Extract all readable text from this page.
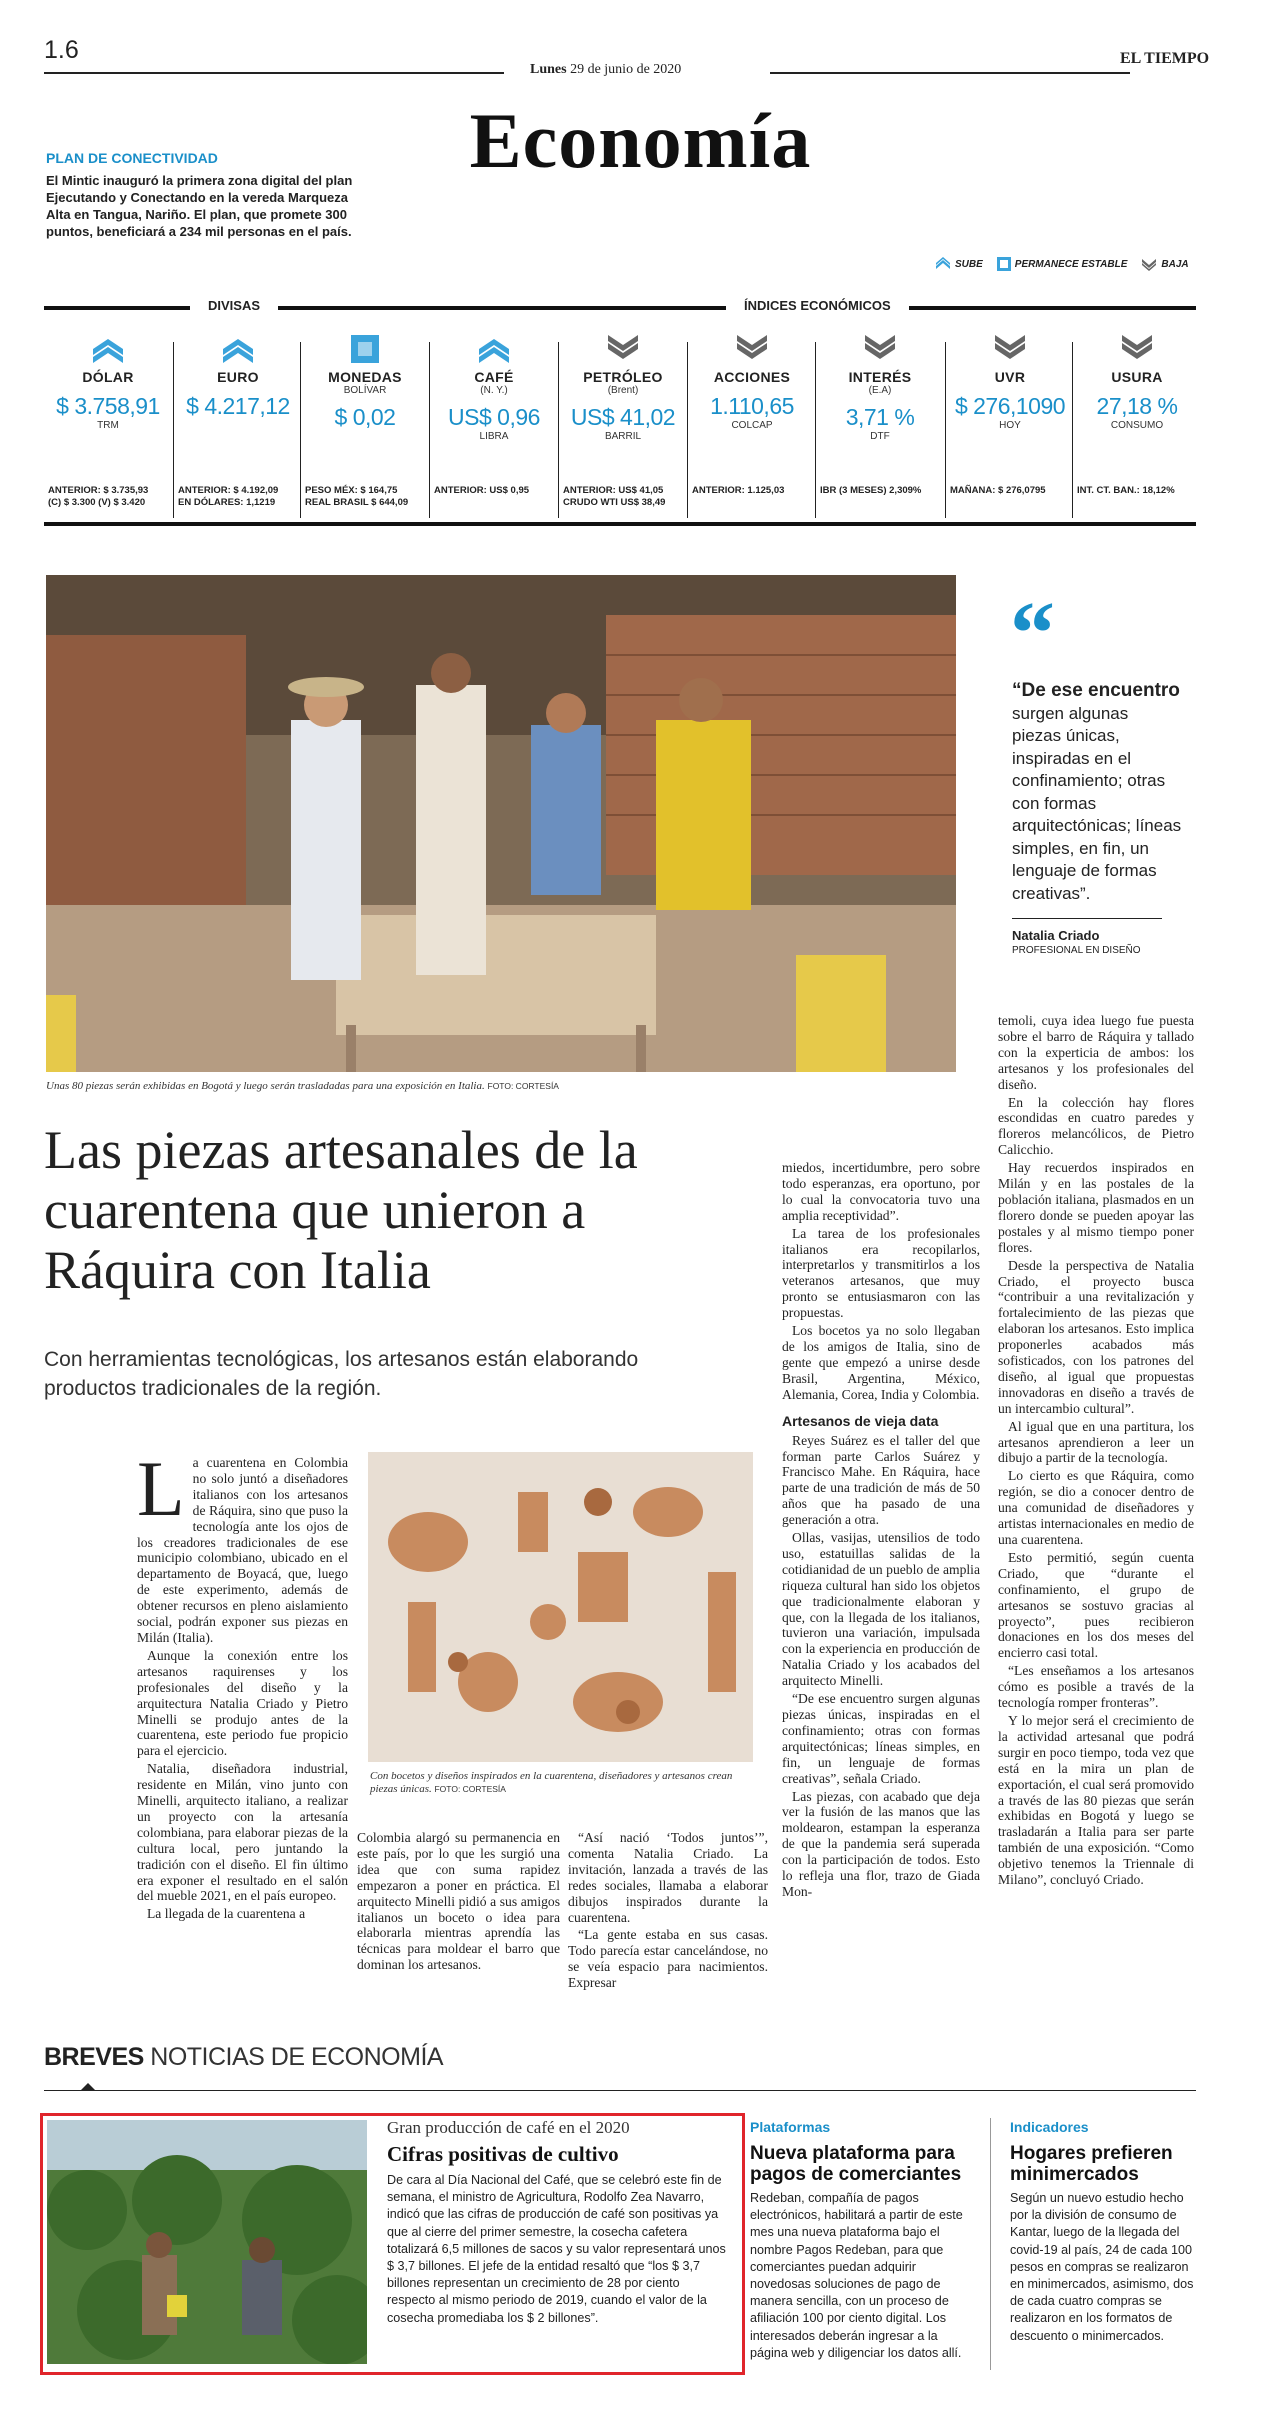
1.6
Lunes 29 de junio de 2020
EL TIEMPO
Economía
PLAN DE CONECTIVIDAD
El Mintic inauguró la primera zona digital del plan Ejecutando y Conectando en la vereda Marqueza Alta en Tangua, Nariño. El plan, que promete 300 puntos, beneficiará a 234 mil personas en el país.
SUBE	PERMANECE ESTABLE	BAJA
DIVISAS	ÍNDICES ECONÓMICOS
DÓLAR
$ 3.758,91
TRM
ANTERIOR: $ 3.735,93
(C) $ 3.300 (V) $ 3.420
EURO
$ 4.217,12
ANTERIOR: $ 4.192,09
EN DÓLARES: 1,1219
MONEDAS
BOLÍVAR
$ 0,02
PESO MÉX: $ 164,75
REAL BRASIL $ 644,09
CAFÉ
(N. Y.)
US$ 0,96
LIBRA
ANTERIOR: US$ 0,95

PETRÓLEO
(Brent)
US$ 41,02
BARRIL
ANTERIOR: US$ 41,05
CRUDO WTI US$ 38,49
ACCIONES
1.110,65
COLCAP
ANTERIOR: 1.125,03

INTERÉS
(E.A)
3,71 %
DTF
IBR (3 MESES) 2,309%

UVR
$ 276,1090
HOY
MAÑANA: $ 276,0795

USURA
27,18 %
CONSUMO
INT. CT. BAN.: 18,12%

Unas 80 piezas serán exhibidas en Bogotá y luego serán trasladadas para una exposición en Italia. FOTO: CORTESÍA
“
“De ese encuentro surgen algunas piezas únicas, inspiradas en el confinamiento; otras con formas arquitectónicas; líneas simples, en fin, un lenguaje de formas creativas”.
Natalia Criado
PROFESIONAL EN DISEÑO
Las piezas artesanales de la cuarentena que unieron a Ráquira con Italia
Con herramientas tecnológicas, los artesanos están elaborando productos tradicionales de la región.
L a cuarentena en Colombia no solo juntó a diseñadores italianos con los artesanos de Ráquira, sino que puso la tecnología ante los ojos de los creadores tradicionales de ese municipio colombiano, ubicado en el departamento de Boyacá, que, luego de este experimento, además de obtener recursos en pleno aislamiento social, podrán exponer sus piezas en Milán (Italia).

Aunque la conexión entre los artesanos raquirenses y los profesionales del diseño y la arquitectura Natalia Criado y Pietro Minelli se produjo antes de la cuarentena, este periodo fue propicio para el ejercicio.

Natalia, diseñadora industrial, residente en Milán, vino junto con Minelli, arquitecto italiano, a realizar un proyecto con la artesanía colombiana, para elaborar piezas de la cultura local, pero juntando la tradición con el diseño. El fin último era exponer el resultado en el salón del mueble 2021, en el país europeo.

La llegada de la cuarentena a

Con bocetos y diseños inspirados en la cuarentena, diseñadores y artesanos crean piezas únicas. FOTO: CORTESÍA

Colombia alargó su permanencia en este país, por lo que les surgió una idea que con suma rapidez empezaron a poner en práctica. El arquitecto Minelli pidió a sus amigos italianos un boceto o idea para elaborarla mientras aprendía las técnicas para moldear el barro que dominan los artesanos.

“Así nació ‘Todos juntos’”, comenta Natalia Criado. La invitación, lanzada a través de las redes sociales, llamaba a elaborar dibujos inspirados durante la cuarentena.

“La gente estaba en sus casas. Todo parecía estar cancelándose, no se veía espacio para nacimientos. Expresar

miedos, incertidumbre, pero sobre todo esperanzas, era oportuno, por lo cual la convocatoria tuvo una amplia receptividad”.

La tarea de los profesionales italianos era recopilarlos, interpretarlos y transmitirlos a los veteranos artesanos, que muy pronto se entusiasmaron con las propuestas.

Los bocetos ya no solo llegaban de los amigos de Italia, sino de gente que empezó a unirse desde Brasil, Argentina, México, Alemania, Corea, India y Colombia.

Artesanos de vieja data

Reyes Suárez es el taller del que forman parte Carlos Suárez y Francisco Mahe. En Ráquira, hace parte de una tradición de más de 50 años que ha pasado de una generación a otra.

Ollas, vasijas, utensilios de todo uso, estatuillas salidas de la cotidianidad de un pueblo de amplia riqueza cultural han sido los objetos que tradicionalmente elaboran y que, con la llegada de los italianos, tuvieron una variación, impulsada con la experiencia en producción de Natalia Criado y los acabados del arquitecto Minelli.

“De ese encuentro surgen algunas piezas únicas, inspiradas en el confinamiento; otras con formas arquitectónicas; líneas simples, en fin, un lenguaje de formas creativas”, señala Criado.

Las piezas, con acabado que deja ver la fusión de las manos que las moldearon, estampan la esperanza de que la pandemia será superada con la participación de todos. Esto lo refleja una flor, trazo de Giada Mon-

temoli, cuya idea luego fue puesta sobre el barro de Ráquira y tallado con la experticia de ambos: los artesanos y los profesionales del diseño.

En la colección hay flores escondidas en cuatro paredes y floreros melancólicos, de Pietro Calicchio.

Hay recuerdos inspirados en Milán y en las postales de la población italiana, plasmados en un florero donde se pueden apoyar las postales y al mismo tiempo poner flores.

Desde la perspectiva de Natalia Criado, el proyecto busca “contribuir a una revitalización y fortalecimiento de las piezas que elaboran los artesanos. Esto implica proponerles acabados más sofisticados, con los patrones del diseño, al igual que propuestas innovadoras en diseño a través de un intercambio cultural”.

Al igual que en una partitura, los artesanos aprendieron a leer un dibujo a partir de la tecnología.

Lo cierto es que Ráquira, como región, se dio a conocer dentro de una comunidad de diseñadores y artistas internacionales en medio de una cuarentena.

Esto permitió, según cuenta Criado, que “durante el confinamiento, el grupo de artesanos se sostuvo gracias al proyecto”, pues recibieron donaciones en los dos meses del encierro casi total.

“Les enseñamos a los artesanos cómo es posible a través de la tecnología romper fronteras”.

Y lo mejor será el crecimiento de la actividad artesanal que podrá surgir en poco tiempo, toda vez que está en la mira un plan de exportación, el cual será promovido a través de las 80 piezas que serán exhibidas en Bogotá y luego se trasladarán a Italia para ser parte también de una exposición. “Como objetivo tenemos la Triennale di Milano”, concluyó Criado.

BREVES NOTICIAS DE ECONOMÍA
Gran producción de café en el 2020
Cifras positivas de cultivo
De cara al Día Nacional del Café, que se celebró este fin de semana, el ministro de Agricultura, Rodolfo Zea Navarro, indicó que las cifras de producción de café son positivas ya que al cierre del primer semestre, la cosecha cafetera totalizará 6,5 millones de sacos y su valor representará unos $ 3,7 billones. El jefe de la entidad resaltó que “los $ 3,7 billones representan un crecimiento de 28 por ciento respecto al mismo periodo de 2019, cuando el valor de la cosecha promediaba los $ 2 billones”.
Plataformas
Nueva plataforma para pagos de comerciantes
Redeban, compañía de pagos electrónicos, habilitará a partir de este mes una nueva plataforma bajo el nombre Pagos Redeban, para que comerciantes puedan adquirir novedosas soluciones de pago de manera sencilla, con un proceso de afiliación 100 por ciento digital. Los interesados deberán ingresar a la página web y diligenciar los datos allí.
Indicadores
Hogares prefieren minimercados
Según un nuevo estudio hecho por la división de consumo de Kantar, luego de la llegada del covid-19 al país, 24 de cada 100 pesos en compras se realizaron en minimercados, asimismo, dos de cada cuatro compras se realizaron en los formatos de descuento o minimercados.
